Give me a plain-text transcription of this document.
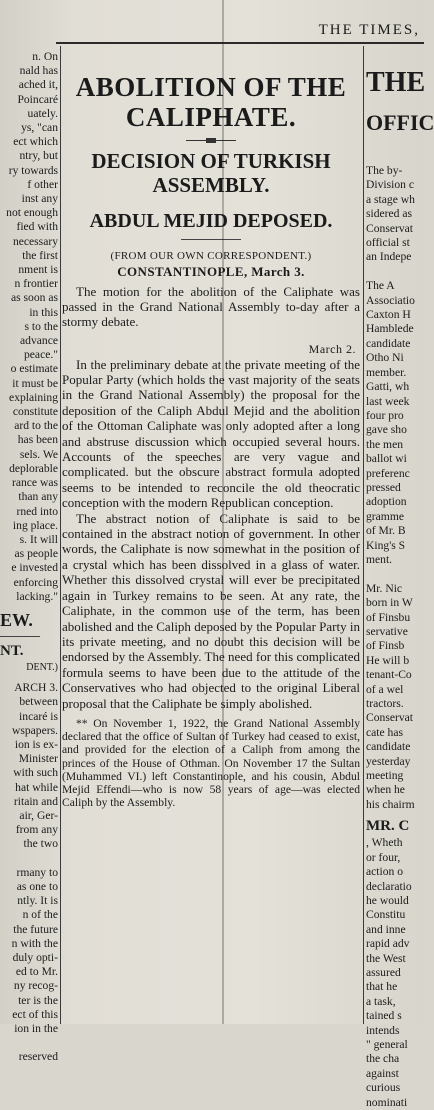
THE TIMES,
n. On
nald has
ached it,
Poincaré
uately.
ys, "can
ect which
ntry, but
ry towards
f other
inst any
not enough
fied with
necessary
the first
nment is
n frontier
as soon as
in this
s to the
advance
peace."
o estimate
it must be
explaining
constitute
ard to the
has been
sels. We
deplorable
rance was
than any
rned into
ing place.
s. It will
as people
e invested
enforcing
lacking."
EW.
NT.
DENT.)
ARCH 3.
between
incaré is
wspapers.
ion is ex-
Minister
with such
hat while
ritain and
air, Ger-
from any
the two

rmany to
as one to
ntly. It is
n of the
the future
n with the
duly opti-
ed to Mr.
ny recog-
ter is the
ect of this
ion in the

reserved
ABOLITION OF THE CALIPHATE.
DECISION OF TURKISH ASSEMBLY.
ABDUL MEJID DEPOSED.
(FROM OUR OWN CORRESPONDENT.)
CONSTANTINOPLE, March 3.

The motion for the abolition of the Caliphate was passed in the Grand National Assembly to-day after a stormy debate.

March 2.

In the preliminary debate at the private meeting of the Popular Party (which holds the vast majority of the seats in the Grand National Assembly) the proposal for the deposition of the Caliph Abdul Mejid and the abolition of the Ottoman Caliphate was only adopted after a long and abstruse discussion which occupied several hours. Accounts of the speeches are very vague and complicated. but the obscure abstract formula adopted seems to be intended to reconcile the old theocratic conception with the modern Republican conception.

The abstract notion of Caliphate is said to be contained in the abstract notion of government. In other words, the Caliphate is now somewhat in the position of a crystal which has been dissolved in a glass of water. Whether this dissolved crystal will ever be precipitated again in Turkey remains to be seen. At any rate, the Caliphate, in the common use of the term, has been abolished and the Caliph deposed by the Popular Party in its private meeting, and no doubt this decision will be endorsed by the Assembly. The need for this complicated formula seems to have been due to the attitude of the Conservatives who had objected to the original Liberal proposal that the Caliphate be simply abolished.

** On November 1, 1922, the Grand National Assembly declared that the office of Sultan of Turkey had ceased to exist, and provided for the election of a Caliph from among the princes of the House of Othman. On November 17 the Sultan (Muhammed VI.) left Constantinople, and his cousin, Abdul Mejid Effendi—who is now 58 years of age—was elected Caliph by the Assembly.

THE
OFFIC
The by-
Division c
a stage wh
sidered as
Conservat
official st
an Indepe

The A
Associatio
Caxton H
Hamblede
candidate
Otho Ni
member.
Gatti, wh
last week
four pro
gave sho
the men
ballot wi
preferenc
pressed
adoption
gramme
of Mr. B
King's S
ment.

Mr. Nic
born in W
of Finsbu
servative
of Finsb
He will b
tenant-Co
of a wel
tractors.
Conservat
cate has
candidate
yesterday
meeting
when he
his chairm
MR. C
, Wheth
or four,
action o
declaratio
he would
Constitu
and inne
rapid adv
the West
assured
that he
a task,
tained s
intends
" general
the cha
against
curious
nominati
